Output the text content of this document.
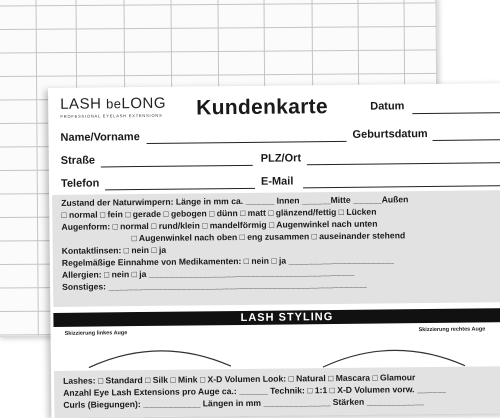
LASH beLONG
PROFESSIONAL EYELASH EXTENSIONS Kundenkarte	Datum
Name/Vorname	Geburtsdatum
Straße	PLZ/Ort
Telefon	E-Mail
Zustand der Naturwimpern: Länge in mm ca. ______ Innen ______Mitte ______Außen
□ normal □ fein □ gerade □ gebogen □ dünn □ matt □ glänzend/fettig □ Lücken
Augenform: □ normal □ rund/klein □ mandelförmig □ Augenwinkel nach unten
□ Augenwinkel nach oben □ eng zusammen □ auseinander stehend
Kontaktlinsen: □ nein □ ja
Regelmäßige Einnahme von Medikamenten: □ nein □ ja ______________________
Allergien: □ nein □ ja ___________________________________________
Sonstiges: ______________________________________________________
LASH STYLING
Skizzierung linkes Auge
Skizzierung rechtes Auge
Lashes: □ Standard □ Silk □ Mink □ X-D Volumen Look: □ Natural □ Mascara □ Glamour
Anzahl Eye Lash Extensions pro Auge ca.: ______ Technik: □ 1:1 □ X-D Volumen vorw. ______
Curls (Biegungen): ____________ Längen in mm ______________ Stärken ____________
